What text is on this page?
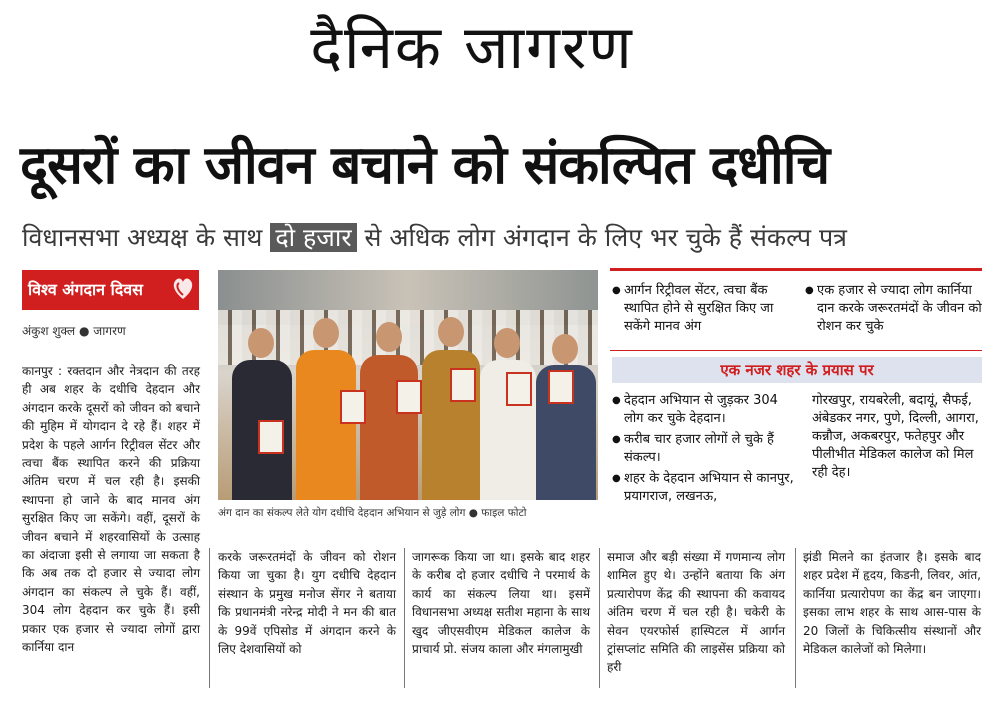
दैनिक जागरण
दूसरों का जीवन बचाने को संकल्पित दधीचि
विधानसभा अध्यक्ष के साथ दो हजार से अधिक लोग अंगदान के लिए भर चुके हैं संकल्प पत्र
विश्व अंगदान दिवस
अंकुश शुक्ल ● जागरण
कानपुर : रक्तदान और नेत्रदान की तरह ही अब शहर के दधीचि देहदान और अंगदान करके दूसरों को जीवन को बचाने की मुहिम में योगदान दे रहे हैं। शहर में प्रदेश के पहले आर्गन रिट्रीवल सेंटर और त्वचा बैंक स्थापित करने की प्रक्रिया अंतिम चरण में चल रही है। इसकी स्थापना हो जाने के बाद मानव अंग सुरक्षित किए जा सकेंगे। वहीं, दूसरों के जीवन बचाने में शहरवासियों के उत्साह का अंदाजा इसी से लगाया जा सकता है कि अब तक दो हजार से ज्यादा लोग अंगदान का संकल्प ले चुके हैं। वहीं, 304 लोग देहदान कर चुके हैं। इसी प्रकार एक हजार से ज्यादा लोगों द्वारा कार्निया दान
करके जरूरतमंदों के जीवन को रोशन किया जा चुका है। युग दधीचि देहदान संस्थान के प्रमुख मनोज सेंगर ने बताया कि प्रधानमंत्री नरेन्द्र मोदी ने मन की बात के 99वें एपिसोड में अंगदान करने के लिए देशवासियों को
जागरूक किया जा था। इसके बाद शहर के करीब दो हजार दधीचि ने परमार्थ के कार्य का संकल्प लिया था। इसमें विधानसभा अध्यक्ष सतीश महाना के साथ खुद जीएसवीएम मेडिकल कालेज के प्राचार्य प्रो. संजय काला और मंगलामुखी
समाज और बड़ी संख्या में गणमान्य लोग शामिल हुए थे। उन्होंने बताया कि अंग प्रत्यारोपण केंद्र की स्थापना की कवायद अंतिम चरण में चल रही है। चकेरी के सेवन एयरफोर्स हास्पिटल में आर्गन ट्रांसप्लांट समिति की लाइसेंस प्रक्रिया को हरी
झंडी मिलने का इंतजार है। इसके बाद शहर प्रदेश में हृदय, किडनी, लिवर, आंत, कार्निया प्रत्यारोपण का केंद्र बन जाएगा। इसका लाभ शहर के साथ आस-पास के 20 जिलों के चिकित्सीय संस्थानों और मेडिकल कालेजों को मिलेगा।
अंग दान का संकल्प लेते योग दधीचि देहदान अभियान से जुड़े लोग ● फाइल फोटो
● आर्गन रिट्रीवल सेंटर, त्वचा बैंक स्थापित होने से सुरक्षित किए जा सकेंगे मानव अंग
● एक हजार से ज्यादा लोग कार्निया दान करके जरूरतमंदों के जीवन को रोशन कर चुके
एक नजर शहर के प्रयास पर
● देहदान अभियान से जुड़कर 304 लोग कर चुके देहदान।
● करीब चार हजार लोगों ले चुके हैं संकल्प।
● शहर के देहदान अभियान से कानपुर, प्रयागराज, लखनऊ,
गोरखपुर, रायबरेली, बदायूं, सैफई, अंबेडकर नगर, पुणे, दिल्ली, आगरा, कन्नौज, अकबरपुर, फतेहपुर और पीलीभीत मेडिकल कालेज को मिल रही देह।
